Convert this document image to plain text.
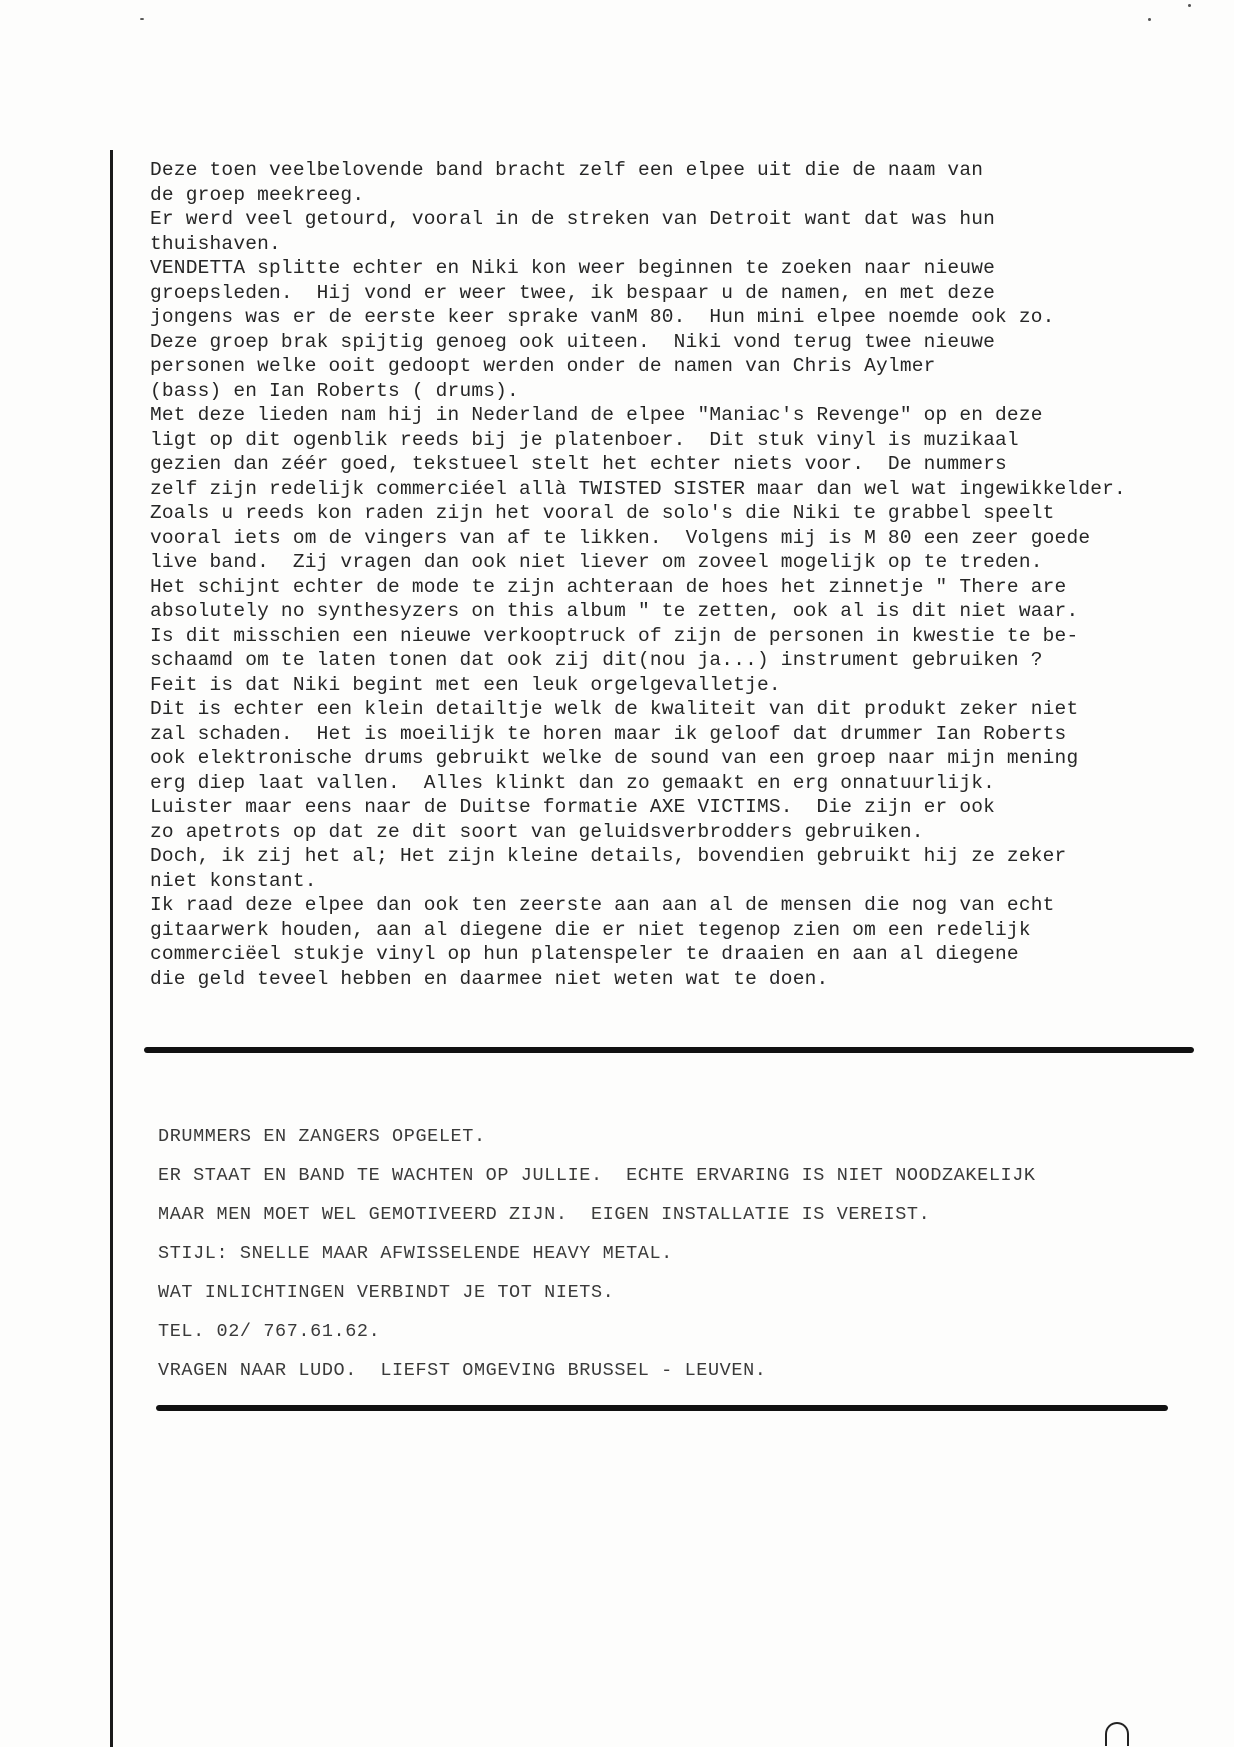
Deze toen veelbelovende band bracht zelf een elpee uit die de naam van
de groep meekreeg.
Er werd veel getourd, vooral in de streken van Detroit want dat was hun
thuishaven.
VENDETTA splitte echter en Niki kon weer beginnen te zoeken naar nieuwe
groepsleden.  Hij vond er weer twee, ik bespaar u de namen, en met deze
jongens was er de eerste keer sprake vanM 80.  Hun mini elpee noemde ook zo.
Deze groep brak spijtig genoeg ook uiteen.  Niki vond terug twee nieuwe
personen welke ooit gedoopt werden onder de namen van Chris Aylmer
(bass) en Ian Roberts ( drums).
Met deze lieden nam hij in Nederland de elpee "Maniac's Revenge" op en deze
ligt op dit ogenblik reeds bij je platenboer.  Dit stuk vinyl is muzikaal
gezien dan zéér goed, tekstueel stelt het echter niets voor.  De nummers
zelf zijn redelijk commerciéel allà TWISTED SISTER maar dan wel wat ingewikkelder.
Zoals u reeds kon raden zijn het vooral de solo's die Niki te grabbel speelt
vooral iets om de vingers van af te likken.  Volgens mij is M 80 een zeer goede
live band.  Zij vragen dan ook niet liever om zoveel mogelijk op te treden.
Het schijnt echter de mode te zijn achteraan de hoes het zinnetje " There are
absolutely no synthesyzers on this album " te zetten, ook al is dit niet waar.
Is dit misschien een nieuwe verkooptruck of zijn de personen in kwestie te be-
schaamd om te laten tonen dat ook zij dit(nou ja...) instrument gebruiken ?
Feit is dat Niki begint met een leuk orgelgevalletje.
Dit is echter een klein detailtje welk de kwaliteit van dit produkt zeker niet
zal schaden.  Het is moeilijk te horen maar ik geloof dat drummer Ian Roberts
ook elektronische drums gebruikt welke de sound van een groep naar mijn mening
erg diep laat vallen.  Alles klinkt dan zo gemaakt en erg onnatuurlijk.
Luister maar eens naar de Duitse formatie AXE VICTIMS.  Die zijn er ook
zo apetrots op dat ze dit soort van geluidsverbrodders gebruiken.
Doch, ik zij het al; Het zijn kleine details, bovendien gebruikt hij ze zeker
niet konstant.
Ik raad deze elpee dan ook ten zeerste aan aan al de mensen die nog van echt
gitaarwerk houden, aan al diegene die er niet tegenop zien om een redelijk
commerciëel stukje vinyl op hun platenspeler te draaien en aan al diegene
die geld teveel hebben en daarmee niet weten wat te doen.
DRUMMERS EN ZANGERS OPGELET.
ER STAAT EN BAND TE WACHTEN OP JULLIE.  ECHTE ERVARING IS NIET NOODZAKELIJK
MAAR MEN MOET WEL GEMOTIVEERD ZIJN.  EIGEN INSTALLATIE IS VEREIST.
STIJL: SNELLE MAAR AFWISSELENDE HEAVY METAL.
WAT INLICHTINGEN VERBINDT JE TOT NIETS.
TEL. 02/ 767.61.62.
VRAGEN NAAR LUDO.  LIEFST OMGEVING BRUSSEL - LEUVEN.
